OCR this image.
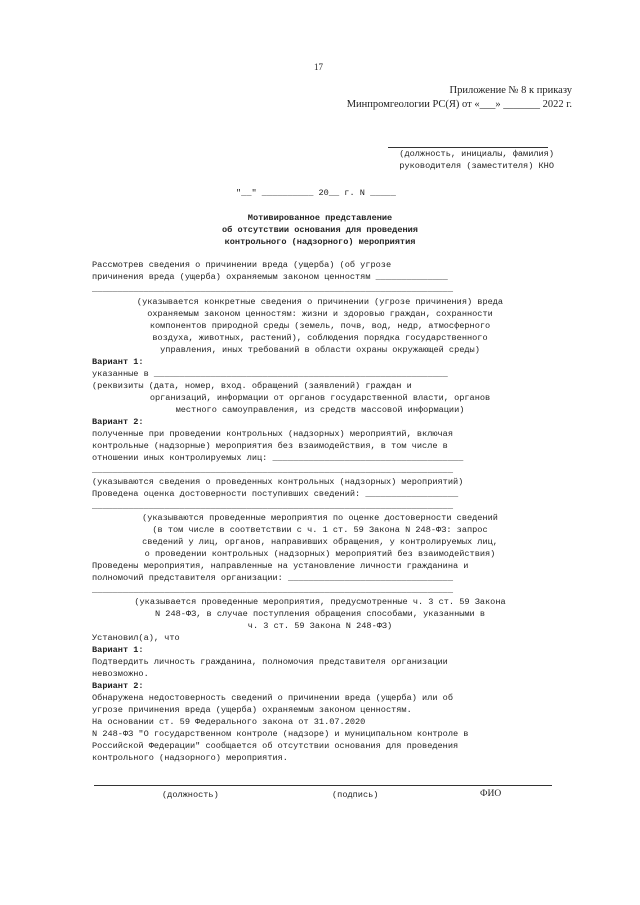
17
Приложение № 8 к приказу
Минпромгеологии РС(Я) от «___» _______ 2022 г.
(должность, инициалы, фамилия)
руководителя (заместителя) КНО
"__" __________ 20__ г. N _____
Мотивированное представление
об отсутствии основания для проведения
контрольного (надзорного) мероприятия
Рассмотрев сведения о причинении вреда (ущерба) (об угрозе
причинения вреда (ущерба) охраняемым законом ценностям ______________
______________________________________________________________________
(указывается конкретные сведения о причинении (угрозе причинения) вреда
охраняемым законом ценностям: жизни и здоровью граждан, сохранности
компонентов природной среды (земель, почв, вод, недр, атмосферного
воздуха, животных, растений), соблюдения порядка государственного
управления, иных требований в области охраны окружающей среды)
Вариант 1:
указанные в _________________________________________________________
(реквизиты (дата, номер, вход. обращений (заявлений) граждан и
организаций, информации от органов государственной власти, органов
местного самоуправления, из средств массовой информации)
Вариант 2:
полученные при проведении контрольных (надзорных) мероприятий, включая
контрольные (надзорные) мероприятия без взаимодействия, в том числе в
отношении иных контролируемых лиц: _____________________________________
______________________________________________________________________
(указываются сведения о проведенных контрольных (надзорных) мероприятий)
Проведена оценка достоверности поступивших сведений: __________________
______________________________________________________________________
(указываются проведенные мероприятия по оценке достоверности сведений
(в том числе в соответствии с ч. 1 ст. 59 Закона N 248-ФЗ: запрос
сведений у лиц, органов, направивших обращения, у контролируемых лиц,
о проведении контрольных (надзорных) мероприятий без взаимодействия)
Проведены мероприятия, направленные на установление личности гражданина и
полномочий представителя организации: ________________________________
______________________________________________________________________
(указывается проведенные мероприятия, предусмотренные ч. 3 ст. 59 Закона
N 248-ФЗ, в случае поступления обращения способами, указанными в
ч. 3 ст. 59 Закона N 248-ФЗ)
Установил(а), что
Вариант 1:
Подтвердить личность гражданина, полномочия представителя организации
невозможно.
Вариант 2:
Обнаружена недостоверность сведений о причинении вреда (ущерба) или об
угрозе причинения вреда (ущерба) охраняемым законом ценностям.
На основании ст. 59 Федерального закона от 31.07.2020
N 248-ФЗ "О государственном контроле (надзоре) и муниципальном контроле в
Российской Федерации" сообщается об отсутствии основания для проведения
контрольного (надзорного) мероприятия.
(должность)	(подпись)	ФИО
